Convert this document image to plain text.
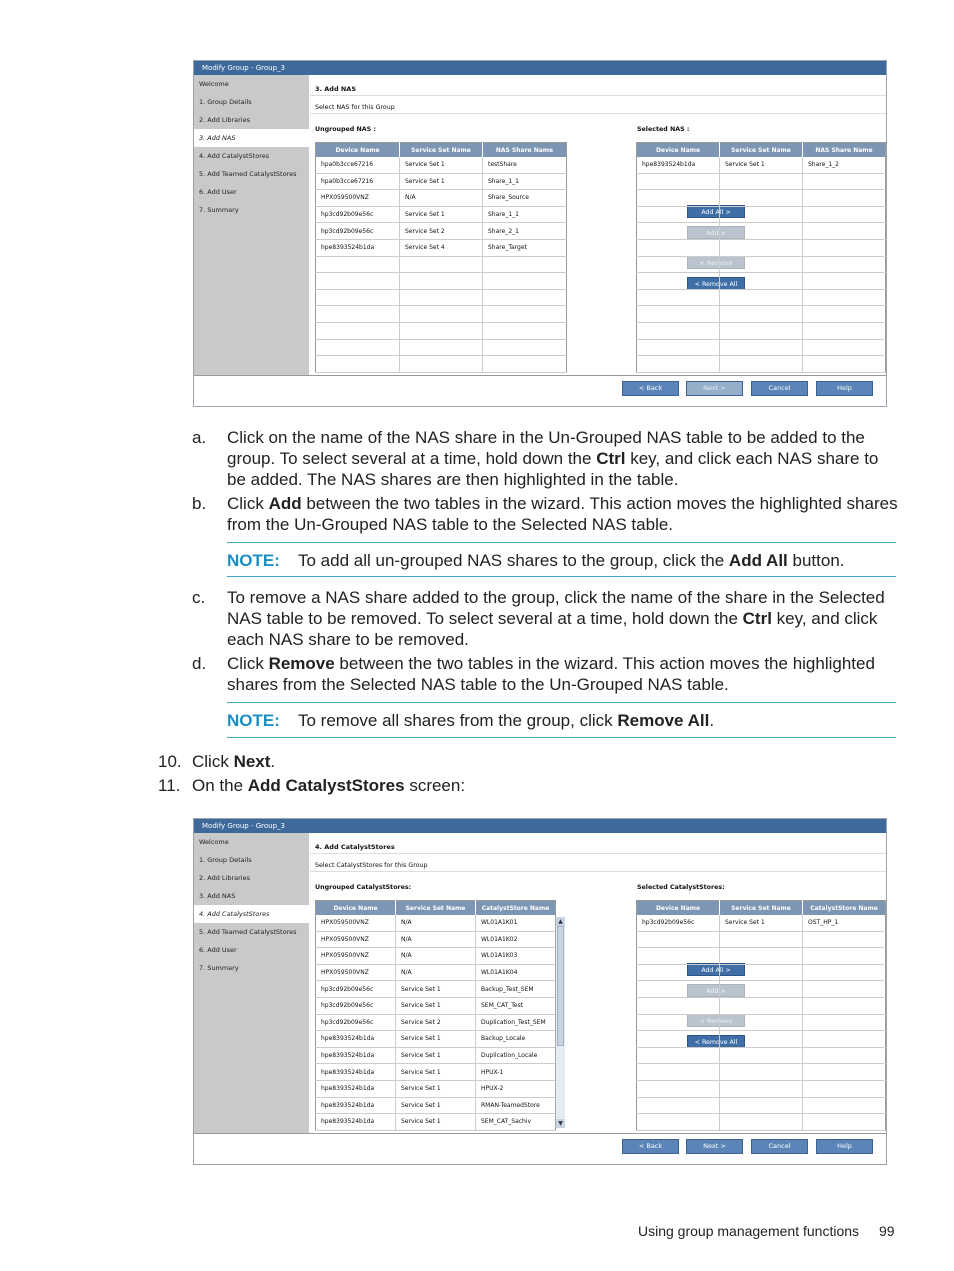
Modify Group - Group_3
Welcome
1. Group Details
2. Add Libraries
3. Add NAS
4. Add CatalystStores
5. Add Teamed CatalystStores
6. Add User
7. Summary
3. Add NAS
Select NAS for this Group
Ungrouped NAS :	Selected NAS :
Device Name	Service Set Name	NAS Share Name
hpa0b3cce67216	Service Set 1	testShare
hpa0b3cce67216	Service Set 1	Share_1_1
HPX059500VNZ	N/A	Share_Source
hp3cd92b09e56c	Service Set 1	Share_1_1
hp3cd92b09e56c	Service Set 2	Share_2_1
hpe8393524b1da	Service Set 4	Share_Target

Add All >
Add >
< Remove
< Remove All
Device Name	Service Set Name	NAS Share Name
hpe8393524b1da	Service Set 1	Share_1_2

< Back	Next >	Cancel	Help
a. Click on the name of the NAS share in the Un-Grouped NAS table to be added to the
group. To select several at a time, hold down the Ctrl key, and click each NAS share to
be added. The NAS shares are then highlighted in the table.
b. Click Add between the two tables in the wizard. This action moves the highlighted shares
from the Un-Grouped NAS table to the Selected NAS table.
NOTE: To add all un-grouped NAS shares to the group, click the Add All button.
c. To remove a NAS share added to the group, click the name of the share in the Selected
NAS table to be removed. To select several at a time, hold down the Ctrl key, and click
each NAS share to be removed.
d. Click Remove between the two tables in the wizard. This action moves the highlighted
shares from the Selected NAS table to the Un-Grouped NAS table.
NOTE: To remove all shares from the group, click Remove All.
10. Click Next.
11. On the Add CatalystStores screen:
Modify Group - Group_3
Welcome
1. Group Details
2. Add Libraries
3. Add NAS
4. Add CatalystStores
5. Add Teamed CatalystStores
6. Add User
7. Summary
4. Add CatalystStores
Select CatalystStores for this Group
Ungrouped CatalystStores:	Selected CatalystStores:
Device Name	Service Set Name	CatalystStore Name
HPX059500VNZ	N/A	WL01A1K01
HPX059500VNZ	N/A	WL01A1K02
HPX059500VNZ	N/A	WL01A1K03
HPX059500VNZ	N/A	WL01A1K04
hp3cd92b09e56c	Service Set 1	Backup_Test_SEM
hp3cd92b09e56c	Service Set 1	SEM_CAT_Test
hp3cd92b09e56c	Service Set 2	Duplication_Test_SEM
hpe8393524b1da	Service Set 1	Backup_Locale
hpe8393524b1da	Service Set 1	Duplication_Locale
hpe8393524b1da	Service Set 1	HPUX-1
hpe8393524b1da	Service Set 1	HPUX-2
hpe8393524b1da	Service Set 1	RMAN-TeamedStore
hpe8393524b1da	Service Set 1	SEM_CAT_Sachiv
▲
▼
Add All >
Add >
< Remove
< Remove All
Device Name	Service Set Name	CatalystStore Name
hp3cd92b09e56c	Service Set 1	OST_HP_1

< Back	Next >	Cancel	Help
Using group management functions 99
